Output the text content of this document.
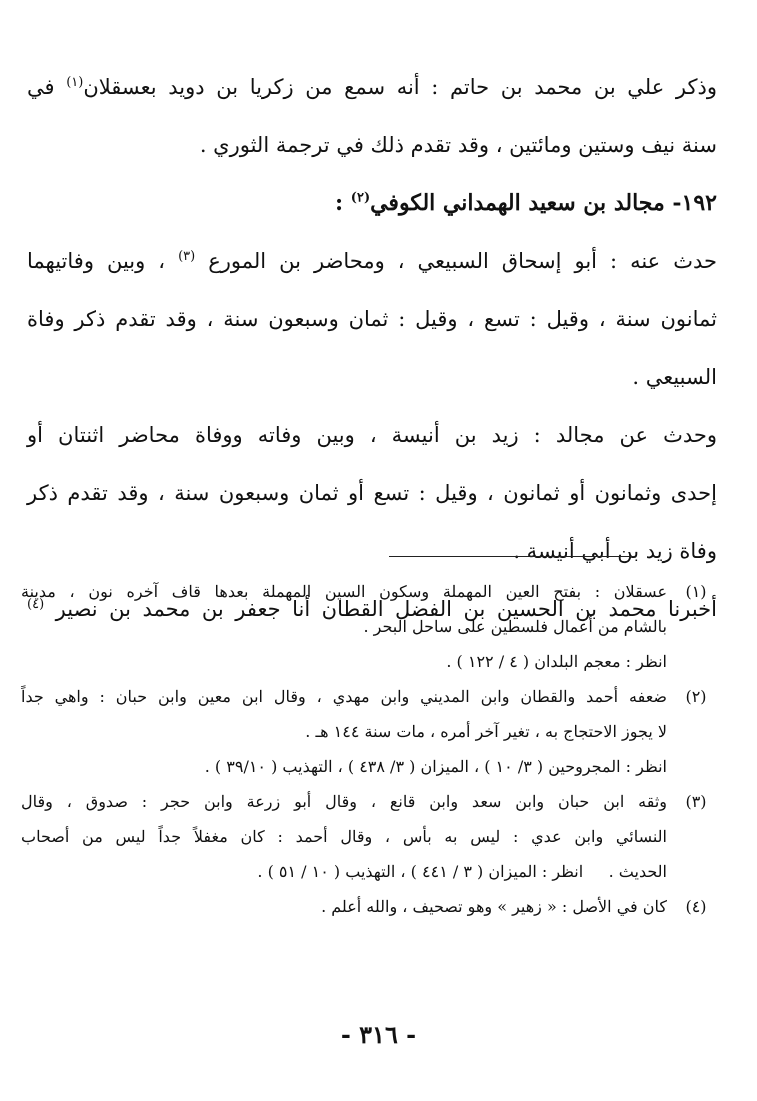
وذكر علي بن محمد بن حاتم : أنه سمع من زكريا بن دويد بعسقلان$^{(١)}$ في
سنة نيف وستين ومائتين ، وقد تقدم ذلك في ترجمة الثوري .
١٩٢- مجالد بن سعيد الهمداني الكوفي$^{(٢)}$ :
حدث عنه : أبو إسحاق السبيعي ، ومحاضر بن المورع $^{(٣)}$ ، وبين وفاتيهما
ثمانون سنة ، وقيل : تسع ، وقيل : ثمان وسبعون سنة ، وقد تقدم ذكر وفاة
السبيعي .
وحدث عن مجالد : زيد بن أنيسة ، وبين وفاته ووفاة محاضر اثنتان أو
إحدى وثمانون أو ثمانون ، وقيل : تسع أو ثمان وسبعون سنة ، وقد تقدم ذكر
وفاة زيد بن أبي أنيسة .
أخبرنا محمد بن الحسين بن الفضل القطان أنا جعفر بن محمد بن نصير $^{(٤)}$
(١)
عسقلان : بفتح العين المهملة وسكون السين المهملة بعدها قاف آخره نون ، مدينة
بالشام من أعمال فلسطين على ساحل البحر .
انظر : معجم البلدان ( ٤ / ١٢٢ ) .
(٢)
ضعفه أحمد والقطان وابن المديني وابن مهدي ، وقال ابن معين وابن حبان : واهي جداً
لا يجوز الاحتجاج به ، تغير آخر أمره ، مات سنة ١٤٤ هـ .
انظر : المجروحين ( ٣/ ١٠ ) ، الميزان ( ٣/ ٤٣٨ ) ، التهذيب ( ٣٩/١٠ ) .
(٣)
وثقه ابن حبان وابن سعد وابن قانع ، وقال أبو زرعة وابن حجر : صدوق ، وقال
النسائي وابن عدي : ليس به بأس ، وقال أحمد : كان مغفلاً جداً ليس من أصحاب
الحديث .     انظر : الميزان ( ٣ / ٤٤١ ) ، التهذيب ( ١٠ / ٥١ ) .
(٤)
كان في الأصل : « زهير » وهو تصحيف ، والله أعلم .
- ٣١٦ -
